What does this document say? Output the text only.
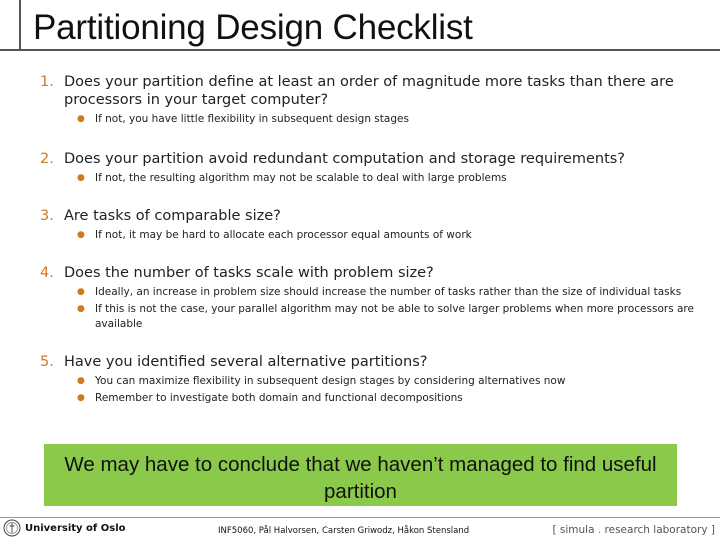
Partitioning Design Checklist
1. Does your partition define at least an order of magnitude more tasks than there are processors in your target computer?
● If not, you have little flexibility in subsequent design stages
2. Does your partition avoid redundant computation and storage requirements?
● If not, the resulting algorithm may not be scalable to deal with large problems
3. Are tasks of comparable size?
● If not, it may be hard to allocate each processor equal amounts of work
4. Does the number of tasks scale with problem size?
● Ideally, an increase in problem size should increase the number of tasks rather than the size of individual tasks
● If this is not the case, your parallel algorithm may not be able to solve larger problems when more processors are available
5. Have you identified several alternative partitions?
● You can maximize flexibility in subsequent design stages by considering alternatives now
● Remember to investigate both domain and functional decompositions
We may have to conclude that we haven’t managed to find useful partition
University of Oslo	INF5060, Pål Halvorsen, Carsten Griwodz, Håkon Stensland	[ simula . research laboratory ]
